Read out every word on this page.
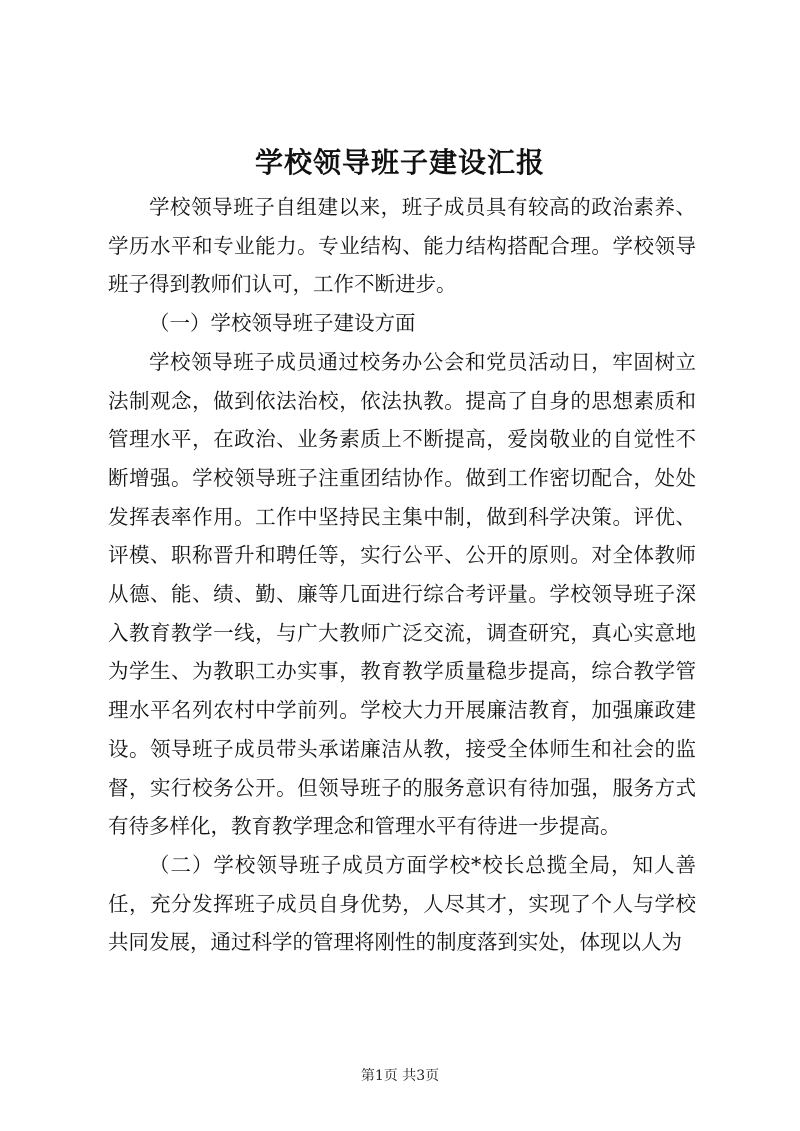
学校领导班子建设汇报

学校领导班子自组建以来，班子成员具有较高的政治素养、学历水平和专业能力。专业结构、能力结构搭配合理。学校领导班子得到教师们认可，工作不断进步。

（一）学校领导班子建设方面

学校领导班子成员通过校务办公会和党员活动日，牢固树立法制观念，做到依法治校，依法执教。提高了自身的思想素质和管理水平，在政治、业务素质上不断提高，爱岗敬业的自觉性不断增强。学校领导班子注重团结协作。做到工作密切配合，处处发挥表率作用。工作中坚持民主集中制，做到科学决策。评优、评模、职称晋升和聘任等，实行公平、公开的原则。对全体教师从德、能、绩、勤、廉等几面进行综合考评量。学校领导班子深入教育教学一线，与广大教师广泛交流，调查研究，真心实意地为学生、为教职工办实事，教育教学质量稳步提高，综合教学管理水平名列农村中学前列。学校大力开展廉洁教育，加强廉政建设。领导班子成员带头承诺廉洁从教，接受全体师生和社会的监督，实行校务公开。但领导班子的服务意识有待加强，服务方式有待多样化，教育教学理念和管理水平有待进一步提高。

（二）学校领导班子成员方面学校*校长总揽全局，知人善任，充分发挥班子成员自身优势，人尽其才，实现了个人与学校共同发展，通过科学的管理将刚性的制度落到实处，体现以人为

第1页 共3页
